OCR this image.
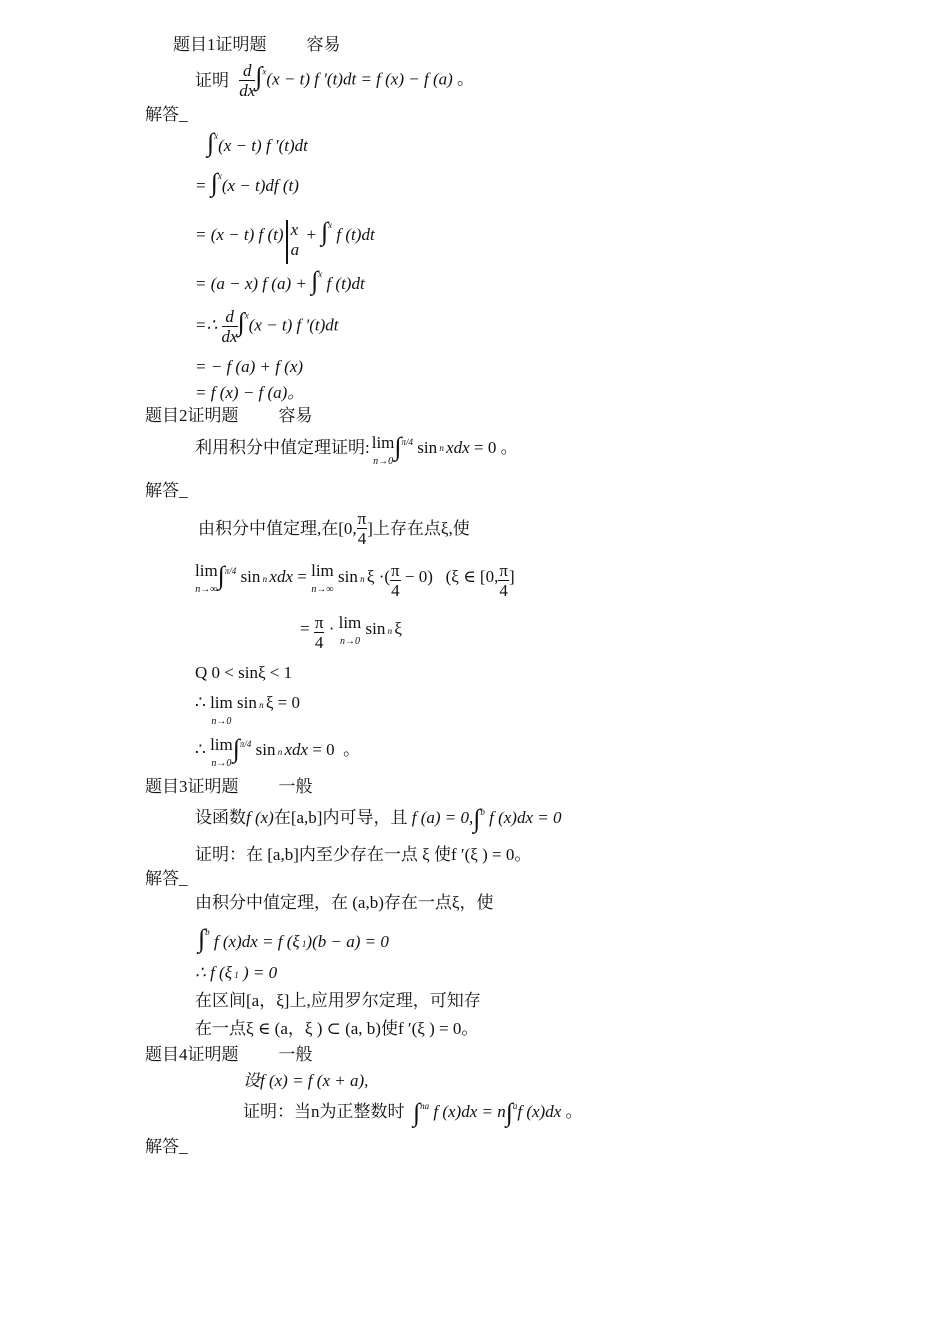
题目1证明题 容易
证明 $\frac{d}{dx} \int^x(x - t)$ f ′(t)dt = f (x) − f (a) 。
解答_
∫$^x$(x − t) f ′(t)dt
= ∫$^x$(x − t)df (t)
= (x − t) f (t) x
a
+ ∫$^x$ f (t)dt
= (a − x) f (a) + ∫$^x$ f (t)dt
=∴ $\frac{d}{dx} \int^x(x - t)$ f ′(t)dt
= − f (a) + f (x)
= f (x) − f (a)。
题目2证明题 容易
利用积分中值定理证明: lim
n→0
∫$^{\pi/4}$ sin n xdx = 0 。
解答_
由积分中值定理,在[0, $\frac{\pi}{4}$ ]上存在点ξ,使
lim
n→∞ ∫$^{\pi/4}$ sin n xdx = lim
n→∞
sin n ξ ·( $\frac{\pi}{4} - 0$)   (ξ ∈ [0, $\frac{\pi}{4}$ ]
= $\frac{\pi}{4} \cdot \lim$
n→0
sin n ξ
Q 0 < sinξ < 1
∴ lim
n→0
sin n ξ = 0
∴ lim
n→0
∫$^{\pi/4}$ sin n xdx = 0  。
题目3证明题 一般
设函数f (x)在[a,b]内可导，且 f (a) = 0,∫$^b$ f (x)dx = 0
证明：在 [a,b]内至少存在一点 ξ 使f ′(ξ ) = 0。
解答_
由积分中值定理，在 (a,b)存在一点ξ，使
∫$^b$ f (x)dx = f (ξ 1)(b − a) = 0
∴ f (ξ 1 ) = 0
在区间[a，ξ]上,应用罗尔定理，可知存
在一点ξ ∈ (a，ξ ) ⊂ (a, b)使f ′(ξ ) = 0。
题目4证明题 一般
设f (x) = f (x + a),
证明：当n为正整数时 ∫$^{na}$ f (x)dx = n∫$^a$f (x)dx 。
解答_
